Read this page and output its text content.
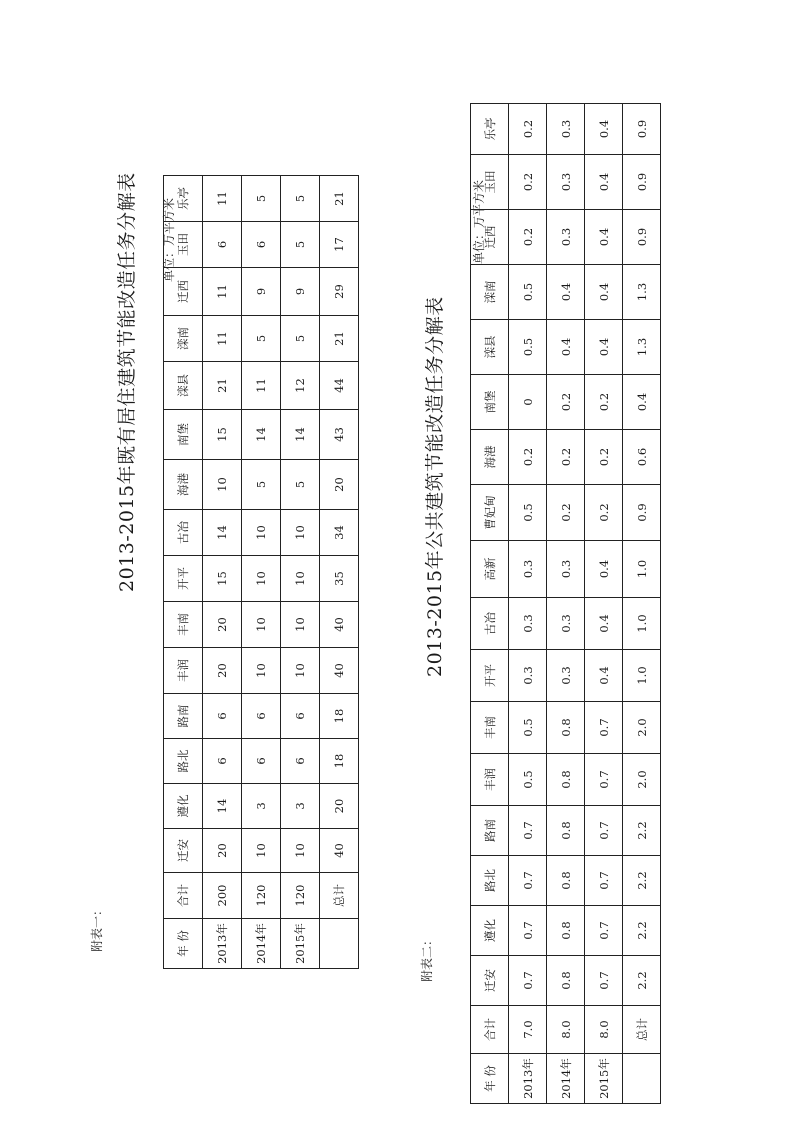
附表一：
2013-2015年既有居住建筑节能改造任务分解表 单位：万平方米
年 份	合计	迁安	遵化	路北	路南	丰润	丰南	开平	古冶	海港	南堡	滦县	滦南	迁西	玉田	乐亭
2013年	200	20	14	6	6	20	20	15	14	10	15	21	11	11	6	11
2014年	120	10	3	6	6	10	10	10	10	5	14	11	5	9	6	5
2015年	120	10	3	6	6	10	10	10	10	5	14	12	5	9	5	5
	总计	40	20	18	18	40	40	35	34	20	43	44	21	29	17	21
附表二：
2013-2015年公共建筑节能改造任务分解表
单位：万平方米
年 份	合计	迁安	遵化	路北	路南	丰润	丰南	开平	古冶	高新	曹妃甸	海港	南堡	滦县	滦南	迁西	玉田	乐亭
2013年	7.0	0.7	0.7	0.7	0.7	0.5	0.5	0.3	0.3	0.3	0.5	0.2	0	0.5	0.5	0.2	0.2	0.2
2014年	8.0	0.8	0.8	0.8	0.8	0.8	0.8	0.3	0.3	0.3	0.2	0.2	0.2	0.4	0.4	0.3	0.3	0.3
2015年	8.0	0.7	0.7	0.7	0.7	0.7	0.7	0.4	0.4	0.4	0.2	0.2	0.2	0.4	0.4	0.4	0.4	0.4
	总计	2.2	2.2	2.2	2.2	2.0	2.0	1.0	1.0	1.0	0.9	0.6	0.4	1.3	1.3	0.9	0.9	0.9
